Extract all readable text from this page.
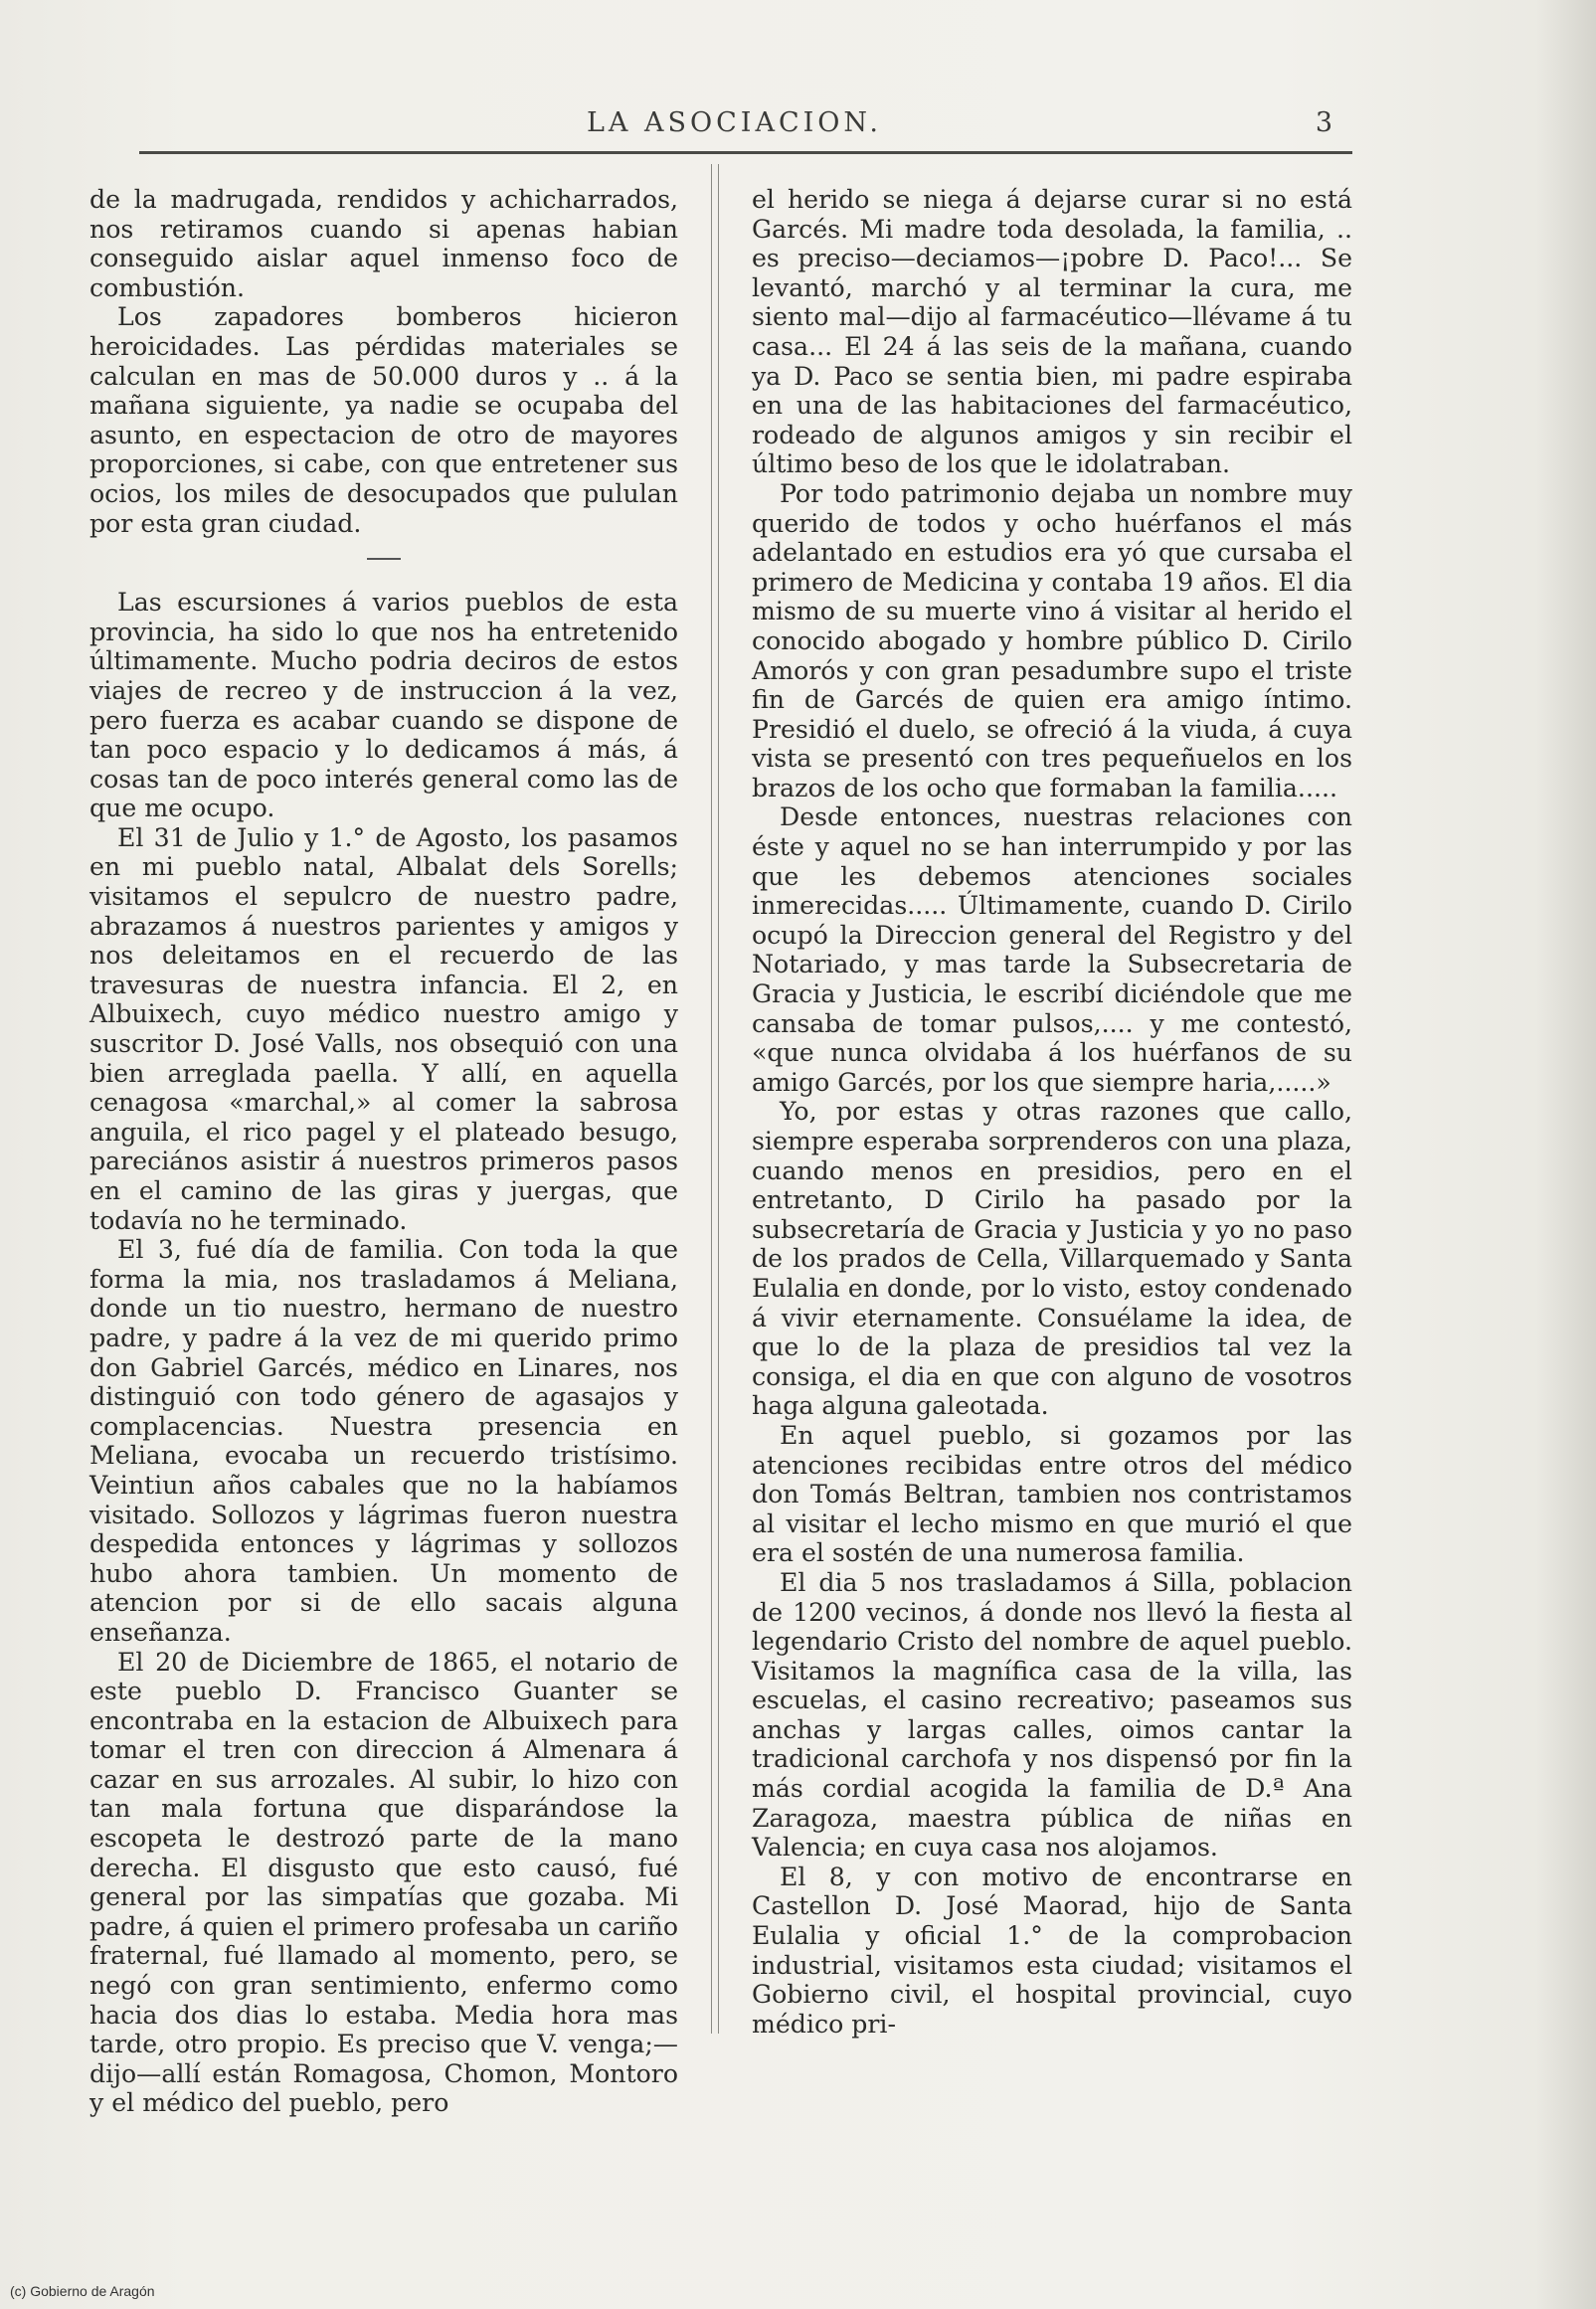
LA ASOCIACION.	3

de la madrugada, rendidos y achicharrados, nos retiramos cuando si apenas habian conseguido aislar aquel inmenso foco de combustión.

Los zapadores bomberos hicieron heroicidades. Las pérdidas materiales se calculan en mas de 50.000 duros y .. á la mañana siguiente, ya nadie se ocupaba del asunto, en espectacion de otro de mayores proporciones, si cabe, con que entretener sus ocios, los miles de desocupados que pululan por esta gran ciudad.

Las escursiones á varios pueblos de esta provincia, ha sido lo que nos ha entretenido últimamente. Mucho podria deciros de estos viajes de recreo y de instruccion á la vez, pero fuerza es acabar cuando se dispone de tan poco espacio y lo dedicamos á más, á cosas tan de poco interés general como las de que me ocupo.

El 31 de Julio y 1.° de Agosto, los pasamos en mi pueblo natal, Albalat dels Sorells; visitamos el sepulcro de nuestro padre, abrazamos á nuestros parientes y amigos y nos deleitamos en el recuerdo de las travesuras de nuestra infancia. El 2, en Albuixech, cuyo médico nuestro amigo y suscritor D. José Valls, nos obsequió con una bien arreglada paella. Y allí, en aquella cenagosa «marchal,» al comer la sabrosa anguila, el rico pagel y el plateado besugo, pareciános asistir á nuestros primeros pasos en el camino de las giras y juergas, que todavía no he terminado.

El 3, fué día de familia. Con toda la que forma la mia, nos trasladamos á Meliana, donde un tio nuestro, hermano de nuestro padre, y padre á la vez de mi querido primo don Gabriel Garcés, médico en Linares, nos distinguió con todo género de agasajos y complacencias. Nuestra presencia en Meliana, evocaba un recuerdo tristísimo. Veintiun años cabales que no la habíamos visitado. Sollozos y lágrimas fueron nuestra despedida entonces y lágrimas y sollozos hubo ahora tambien. Un momento de atencion por si de ello sacais alguna enseñanza.

El 20 de Diciembre de 1865, el notario de este pueblo D. Francisco Guanter se encontraba en la estacion de Albuixech para tomar el tren con direccion á Almenara á cazar en sus arrozales. Al subir, lo hizo con tan mala fortuna que disparándose la escopeta le destrozó parte de la mano derecha. El disgusto que esto causó, fué general por las simpatías que gozaba. Mi padre, á quien el primero profesaba un cariño fraternal, fué llamado al momento, pero, se negó con gran sentimiento, enfermo como hacia dos dias lo estaba. Media hora mas tarde, otro propio. Es preciso que V. venga;—dijo—allí están Romagosa, Chomon, Montoro y el médico del pueblo, pero

el herido se niega á dejarse curar si no está Garcés. Mi madre toda desolada, la familia, .. es preciso—deciamos—¡pobre D. Paco!... Se levantó, marchó y al terminar la cura, me siento mal—dijo al farmacéutico—llévame á tu casa... El 24 á las seis de la mañana, cuando ya D. Paco se sentia bien, mi padre espiraba en una de las habitaciones del farmacéutico, rodeado de algunos amigos y sin recibir el último beso de los que le idolatraban.

Por todo patrimonio dejaba un nombre muy querido de todos y ocho huérfanos el más adelantado en estudios era yó que cursaba el primero de Medicina y contaba 19 años. El dia mismo de su muerte vino á visitar al herido el conocido abogado y hombre público D. Cirilo Amorós y con gran pesadumbre supo el triste fin de Garcés de quien era amigo íntimo. Presidió el duelo, se ofreció á la viuda, á cuya vista se presentó con tres pequeñuelos en los brazos de los ocho que formaban la familia.....

Desde entonces, nuestras relaciones con éste y aquel no se han interrumpido y por las que les debemos atenciones sociales inmerecidas..... Últimamente, cuando D. Cirilo ocupó la Direccion general del Registro y del Notariado, y mas tarde la Subsecretaria de Gracia y Justicia, le escribí diciéndole que me cansaba de tomar pulsos,.... y me contestó, «que nunca olvidaba á los huérfanos de su amigo Garcés, por los que siempre haria,.....»

Yo, por estas y otras razones que callo, siempre esperaba sorprenderos con una plaza, cuando menos en presidios, pero en el entretanto, D Cirilo ha pasado por la subsecretaría de Gracia y Justicia y yo no paso de los prados de Cella, Villarquemado y Santa Eulalia en donde, por lo visto, estoy condenado á vivir eternamente. Consuélame la idea, de que lo de la plaza de presidios tal vez la consiga, el dia en que con alguno de vosotros haga alguna galeotada.

En aquel pueblo, si gozamos por las atenciones recibidas entre otros del médico don Tomás Beltran, tambien nos contristamos al visitar el lecho mismo en que murió el que era el sostén de una numerosa familia.

El dia 5 nos trasladamos á Silla, poblacion de 1200 vecinos, á donde nos llevó la fiesta al legendario Cristo del nombre de aquel pueblo. Visitamos la magnífica casa de la villa, las escuelas, el casino recreativo; paseamos sus anchas y largas calles, oimos cantar la tradicional carchofa y nos dispensó por fin la más cordial acogida la familia de D.ª Ana Zaragoza, maestra pública de niñas en Valencia; en cuya casa nos alojamos.

El 8, y con motivo de encontrarse en Castellon D. José Maorad, hijo de Santa Eulalia y oficial 1.° de la comprobacion industrial, visitamos esta ciudad; visitamos el Gobierno civil, el hospital provincial, cuyo médico pri-

(c) Gobierno de Aragón
